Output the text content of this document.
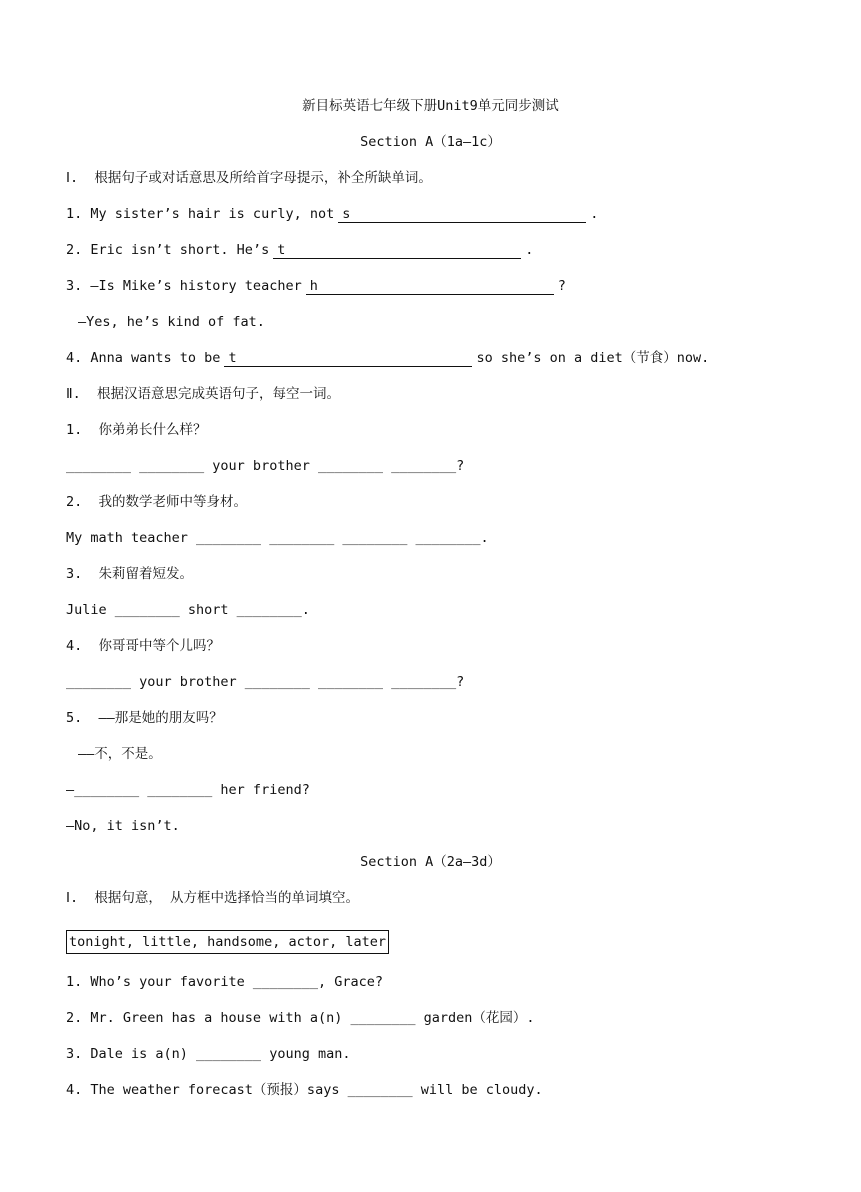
新目标英语七年级下册Unit9单元同步测试
Section A（1a—1c）
Ⅰ.  根据句子或对话意思及所给首字母提示，补全所缺单词。
1. My sister’s hair is curly, not s	.
2. Eric isn’t short. He’s t	.
3. —Is Mike’s history teacher h	?
—Yes, he’s kind of fat.
4. Anna wants to be t	so she’s on a diet（节食）now.
Ⅱ.  根据汉语意思完成英语句子，每空一词。
1.  你弟弟长什么样？
________ ________ your brother ________ ________?
2.  我的数学老师中等身材。
My math teacher ________ ________ ________ ________.
3.  朱莉留着短发。
Julie ________ short ________.
4.  你哥哥中等个儿吗？
________ your brother ________ ________ ________?
5.  ——那是她的朋友吗？
——不，不是。
—________ ________ her friend?
—No, it isn’t.
Section A（2a—3d）
Ⅰ.  根据句意， 从方框中选择恰当的单词填空。
tonight, little, handsome, actor, later
1. Who’s your favorite ________, Grace?
2. Mr. Green has a house with a(n) ________ garden（花园）.
3. Dale is a(n) ________ young man.
4. The weather forecast（预报）says ________ will be cloudy.
